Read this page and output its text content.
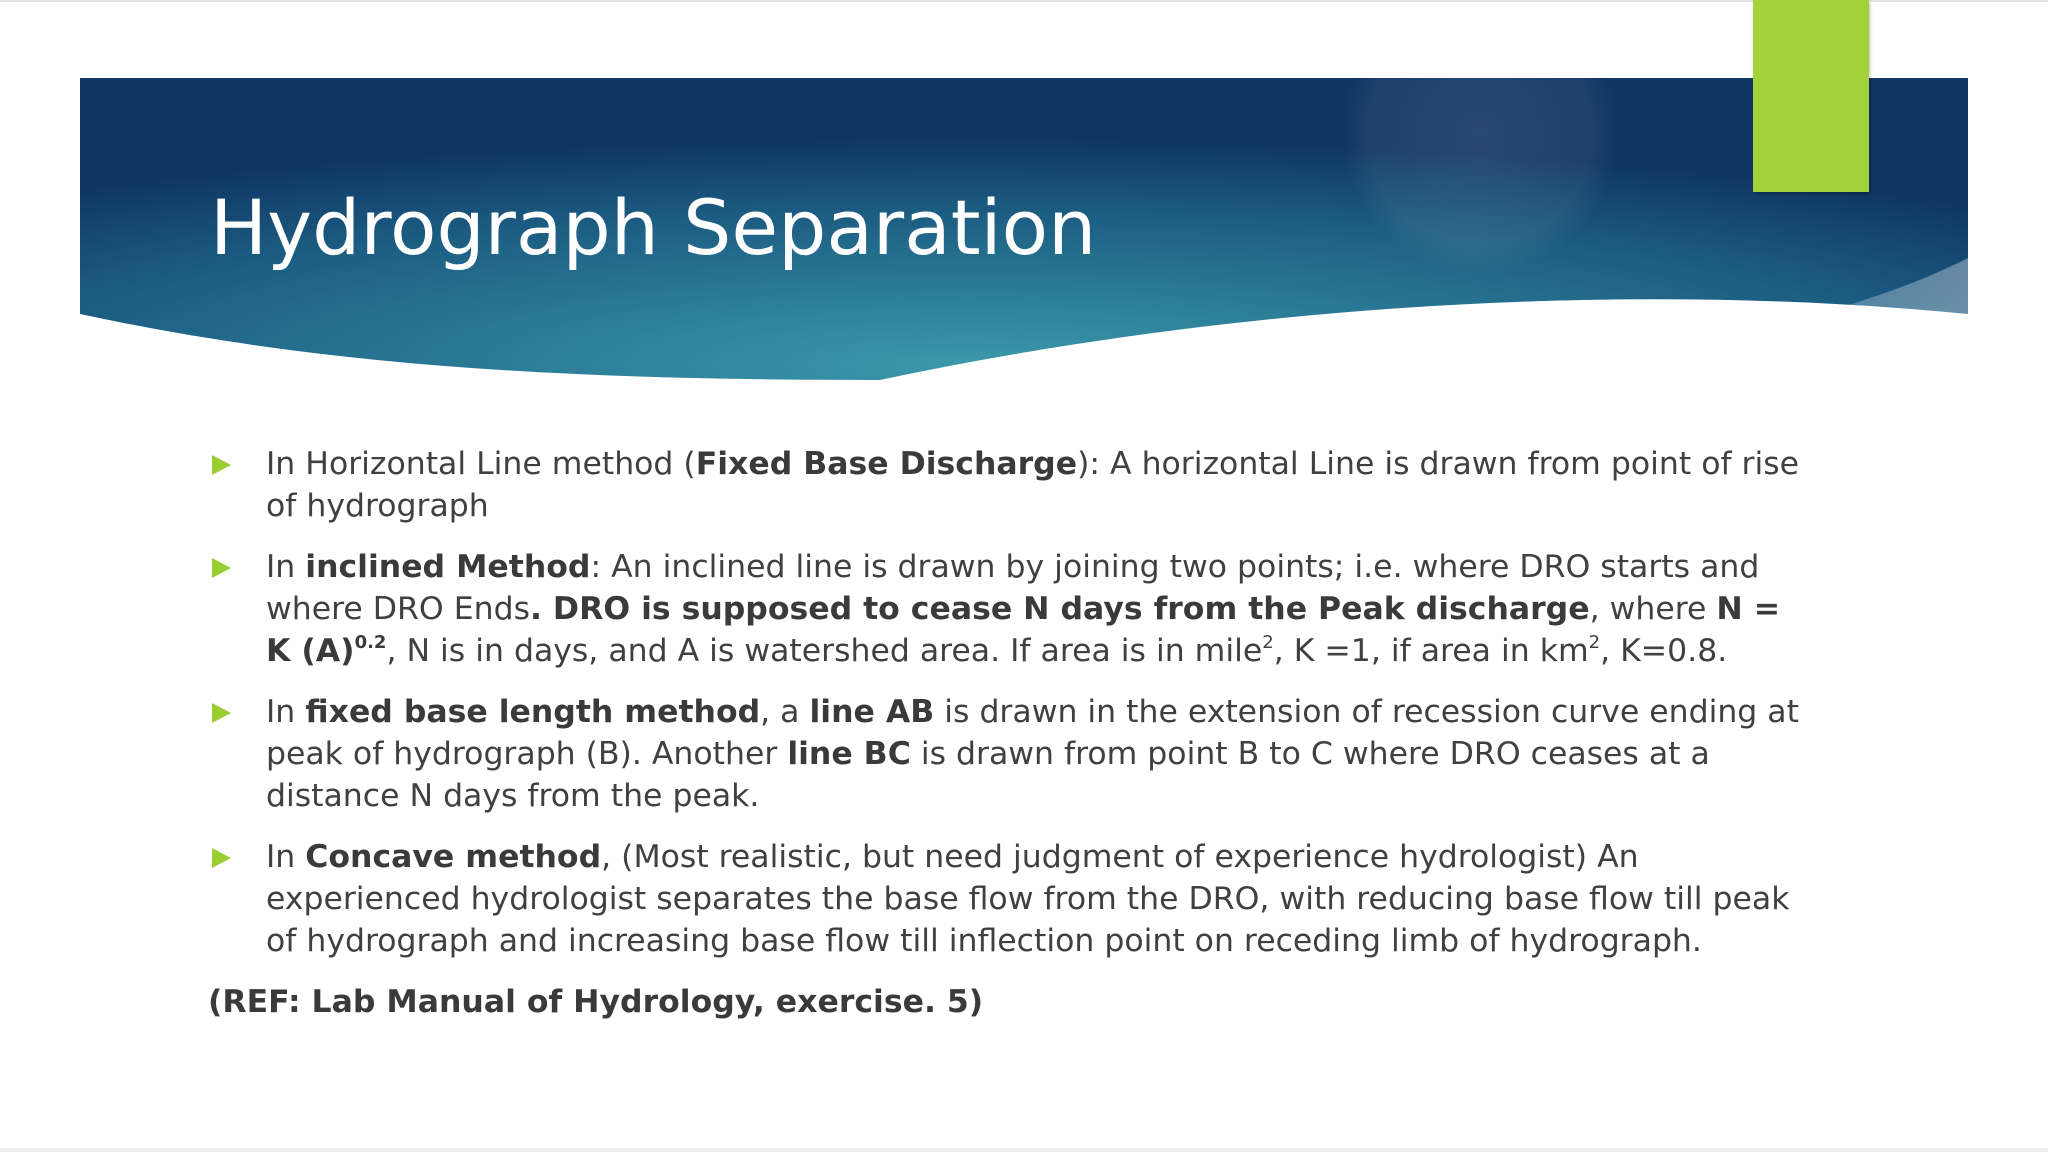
Hydrograph Separation
In Horizontal Line method (Fixed Base Discharge): A horizontal Line is drawn from point of rise of hydrograph
In inclined Method: An inclined line is drawn by joining two points; i.e. where DRO starts and where DRO Ends. DRO is supposed to cease N days from the Peak discharge, where N = K $(A)^{0.2}$, N is in days, and A is watershed area. If area is in mile$^2$, K =1, if area in $km^2$, K=0.8.
In fixed base length method, a line AB is drawn in the extension of recession curve ending at peak of hydrograph (B). Another line BC is drawn from point B to C where DRO ceases at a distance N days from the peak.
In Concave method, (Most realistic, but need judgment of experience hydrologist) An experienced hydrologist separates the base flow from the DRO, with reducing base flow till peak of hydrograph and increasing base flow till inflection point on receding limb of hydrograph.

(REF: Lab Manual of Hydrology, exercise. 5)
